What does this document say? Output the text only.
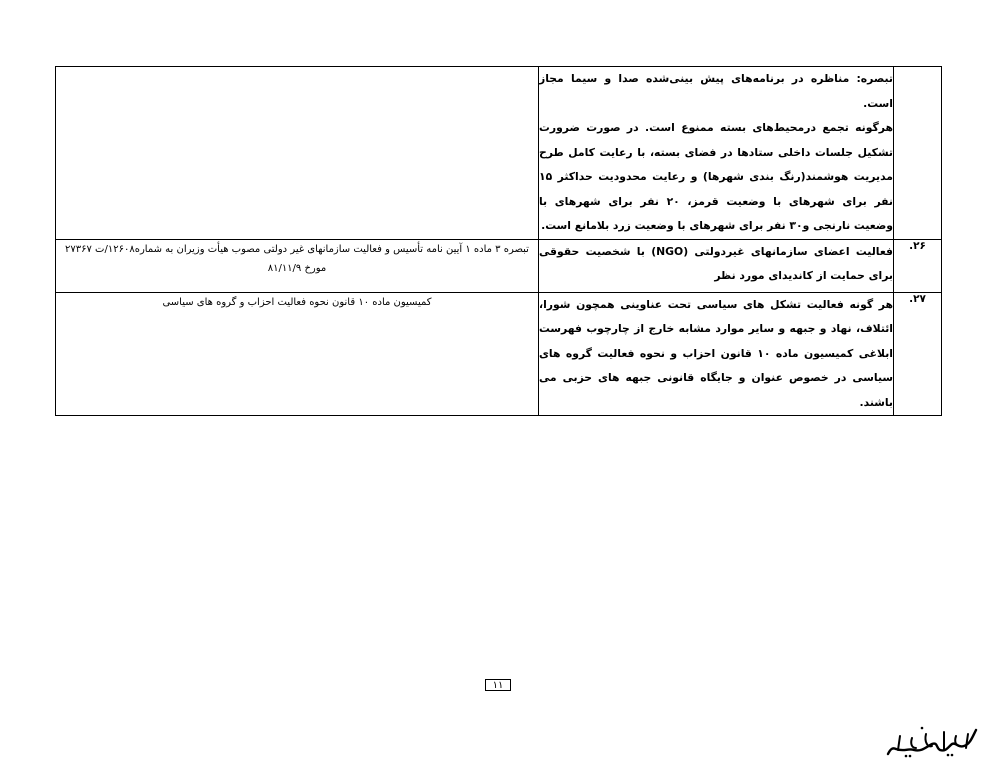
	تبصره: مناظره در برنامه‌های پیش بینی‌شده صدا و سیما مجاز است.

هرگونه تجمع درمحیط‌های بسته ممنوع است. در صورت ضرورت تشکیل جلسات داخلی ستادها در فضای بسته، با رعایت کامل طرح مدیریت هوشمند(رنگ بندی شهرها) و رعایت محدودیت حداکثر ۱۵ نفر برای شهرهای با وضعیت قرمز، ۲۰ نفر برای شهرهای با وضعیت نارنجی و۳۰ نفر برای شهرهای با وضعیت زرد بلامانع است.	

۲۶.	فعالیت اعضای سازمانهای غیردولتی (NGO) با شخصیت حقوقی برای حمایت از کاندیدای مورد نظر	تبصره ۳ ماده ۱ آیین نامه تأسیس و فعالیت سازمانهای غیر دولتی مصوب هیأت وزیران به شماره۱۲۶۰۸/ت ۲۷۳۶۷ مورخ ۸۱/۱۱/۹
۲۷.	هر گونه فعالیت تشکل های سیاسی تحت عناوینی همچون شورا، ائتلاف، نهاد و جبهه و سایر موارد مشابه خارج از چارچوب فهرست ابلاغی کمیسیون ماده ۱۰ قانون احزاب و نحوه فعالیت گروه های سیاسی در خصوص عنوان و جایگاه قانونی جبهه های حزبی می باشند.	کمیسیون ماده ۱۰ قانون نحوه فعالیت احزاب و گروه های سیاسی
۱۱
